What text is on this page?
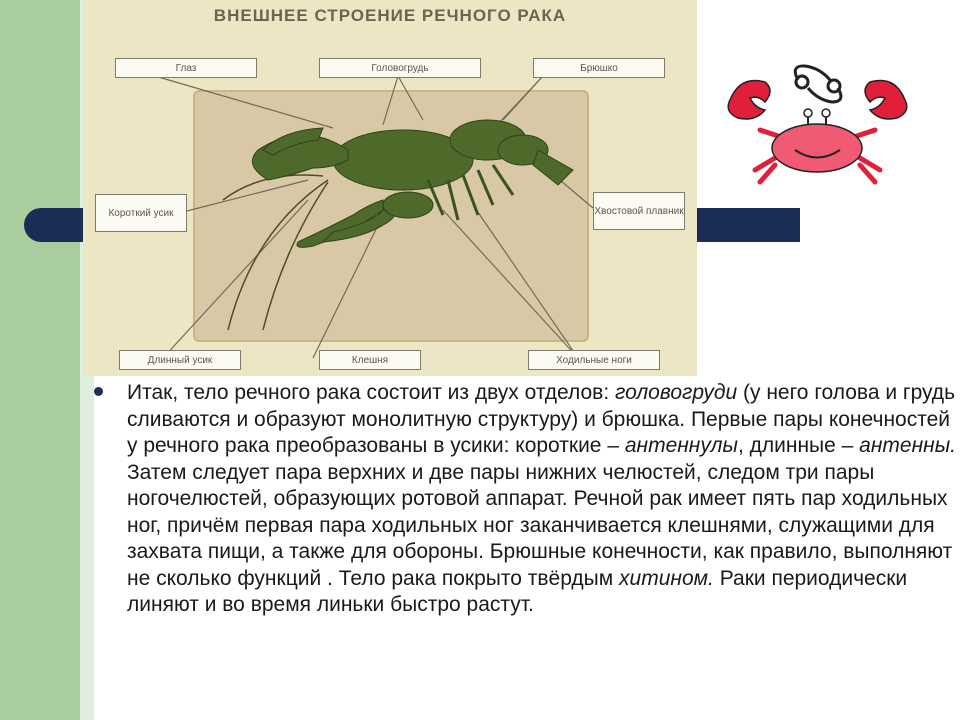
ВНЕШНЕЕ СТРОЕНИЕ РЕЧНОГО РАКА
Глаз	Головогрудь	Брюшко
Короткий усик	Хвостовой плавник
Длинный усик	Клешня	Ходильные ноги
Итак, тело речного рака состоит из двух отделов: головогруди (у него голова и грудь сливаются и образуют монолитную структуру) и брюшка. Первые пары конечностей у речного рака преобразованы в усики: короткие – антеннулы, длинные – антенны. Затем следует пара верхних и две пары нижних челюстей, следом три пары ногочелюстей, образующих ротовой аппарат. Речной рак имеет пять пар ходильных ног, причём первая пара ходильных ног заканчивается клешнями, служащими для захвата пищи, а также для обороны. Брюшные конечности, как правило, выполняют не сколько функций . Тело рака покрыто твёрдым хитином. Раки периодически линяют и во время линьки быстро растут.
